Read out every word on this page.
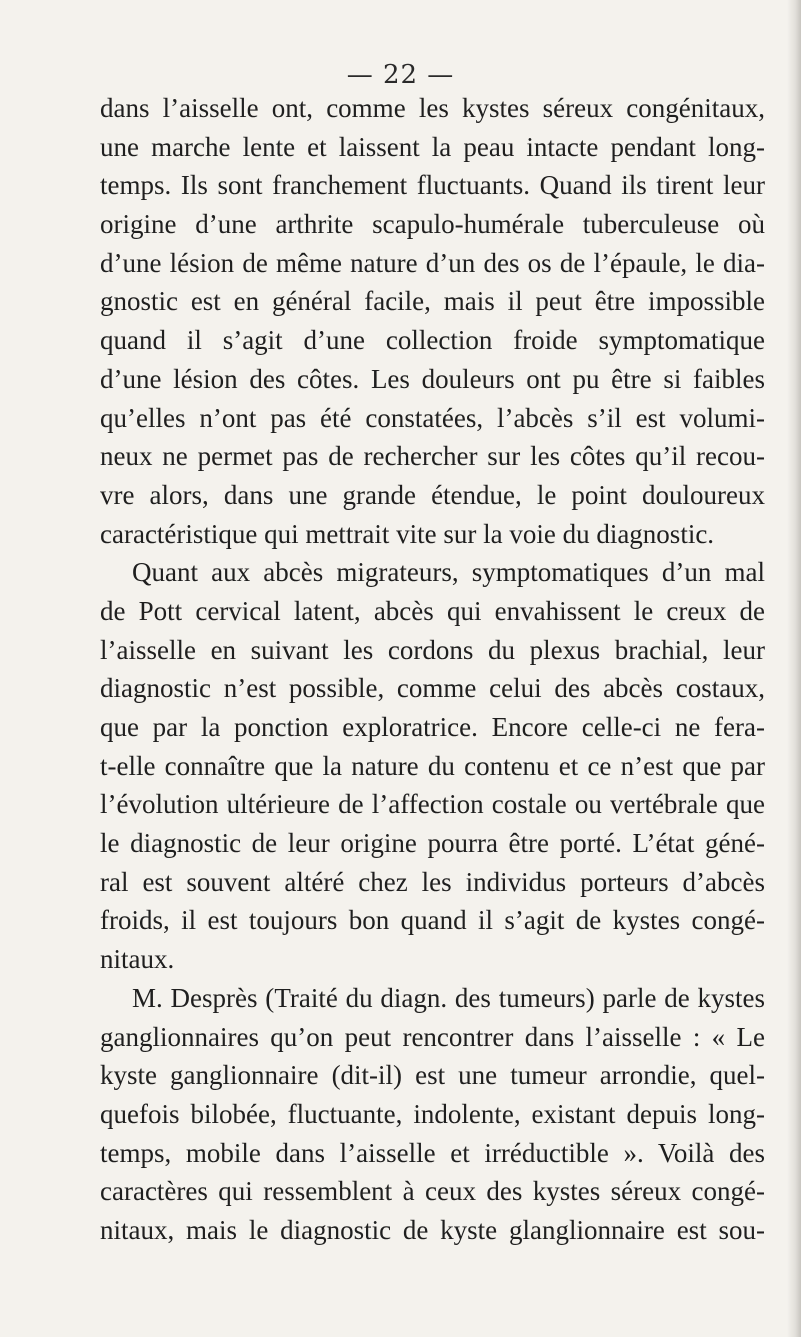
— 22 —
dans l’aisselle ont, comme les kystes séreux congénitaux,
une marche lente et laissent la peau intacte pendant long-
temps. Ils sont franchement fluctuants. Quand ils tirent leur
origine d’une arthrite scapulo-humérale tuberculeuse où
d’une lésion de même nature d’un des os de l’épaule, le dia-
gnostic est en général facile, mais il peut être impossible
quand il s’agit d’une collection froide symptomatique
d’une lésion des côtes. Les douleurs ont pu être si faibles
qu’elles n’ont pas été constatées, l’abcès s’il est volumi-
neux ne permet pas de rechercher sur les côtes qu’il recou-
vre alors, dans une grande étendue, le point douloureux
caractéristique qui mettrait vite sur la voie du diagnostic.
Quant aux abcès migrateurs, symptomatiques d’un mal
de Pott cervical latent, abcès qui envahissent le creux de
l’aisselle en suivant les cordons du plexus brachial, leur
diagnostic n’est possible, comme celui des abcès costaux,
que par la ponction exploratrice. Encore celle-ci ne fera-
t-elle connaître que la nature du contenu et ce n’est que par
l’évolution ultérieure de l’affection costale ou vertébrale que
le diagnostic de leur origine pourra être porté. L’état géné-
ral est souvent altéré chez les individus porteurs d’abcès
froids, il est toujours bon quand il s’agit de kystes congé-
nitaux.
M. Desprès (Traité du diagn. des tumeurs) parle de kystes
ganglionnaires qu’on peut rencontrer dans l’aisselle : « Le
kyste ganglionnaire (dit-il) est une tumeur arrondie, quel-
quefois bilobée, fluctuante, indolente, existant depuis long-
temps, mobile dans l’aisselle et irréductible ». Voilà des
caractères qui ressemblent à ceux des kystes séreux congé-
nitaux, mais le diagnostic de kyste glanglionnaire est sou-
